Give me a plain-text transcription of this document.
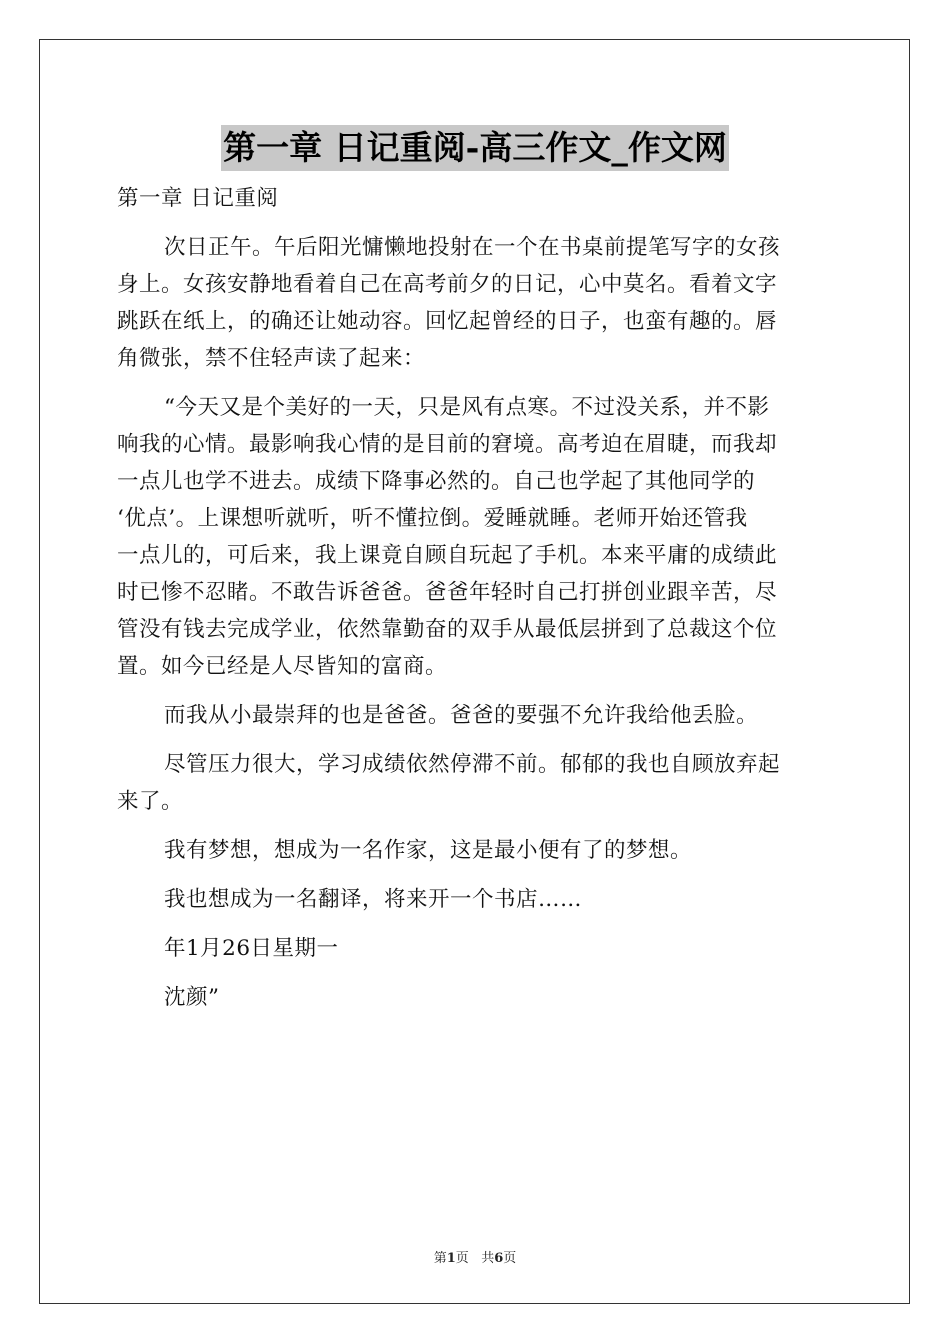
第一章 日记重阅-高三作文_作文网
第一章 日记重阅
次日正午。午后阳光慵懒地投射在一个在书桌前提笔写字的女孩
身上。女孩安静地看着自己在高考前夕的日记，心中莫名。看着文字
跳跃在纸上，的确还让她动容。回忆起曾经的日子，也蛮有趣的。唇
角微张，禁不住轻声读了起来：
“今天又是个美好的一天，只是风有点寒。不过没关系，并不影
响我的心情。最影响我心情的是目前的窘境。高考迫在眉睫，而我却
一点儿也学不进去。成绩下降事必然的。自己也学起了其他同学的
‘优点’。上课想听就听，听不懂拉倒。爱睡就睡。老师开始还管我
一点儿的，可后来，我上课竟自顾自玩起了手机。本来平庸的成绩此
时已惨不忍睹。不敢告诉爸爸。爸爸年轻时自己打拼创业跟辛苦，尽
管没有钱去完成学业，依然靠勤奋的双手从最低层拼到了总裁这个位
置。如今已经是人尽皆知的富商。
而我从小最崇拜的也是爸爸。爸爸的要强不允许我给他丢脸。
尽管压力很大，学习成绩依然停滞不前。郁郁的我也自顾放弃起
来了。
我有梦想，想成为一名作家，这是最小便有了的梦想。
我也想成为一名翻译，将来开一个书店……
年1月26日星期一
沈颜”
第1页 共6页
